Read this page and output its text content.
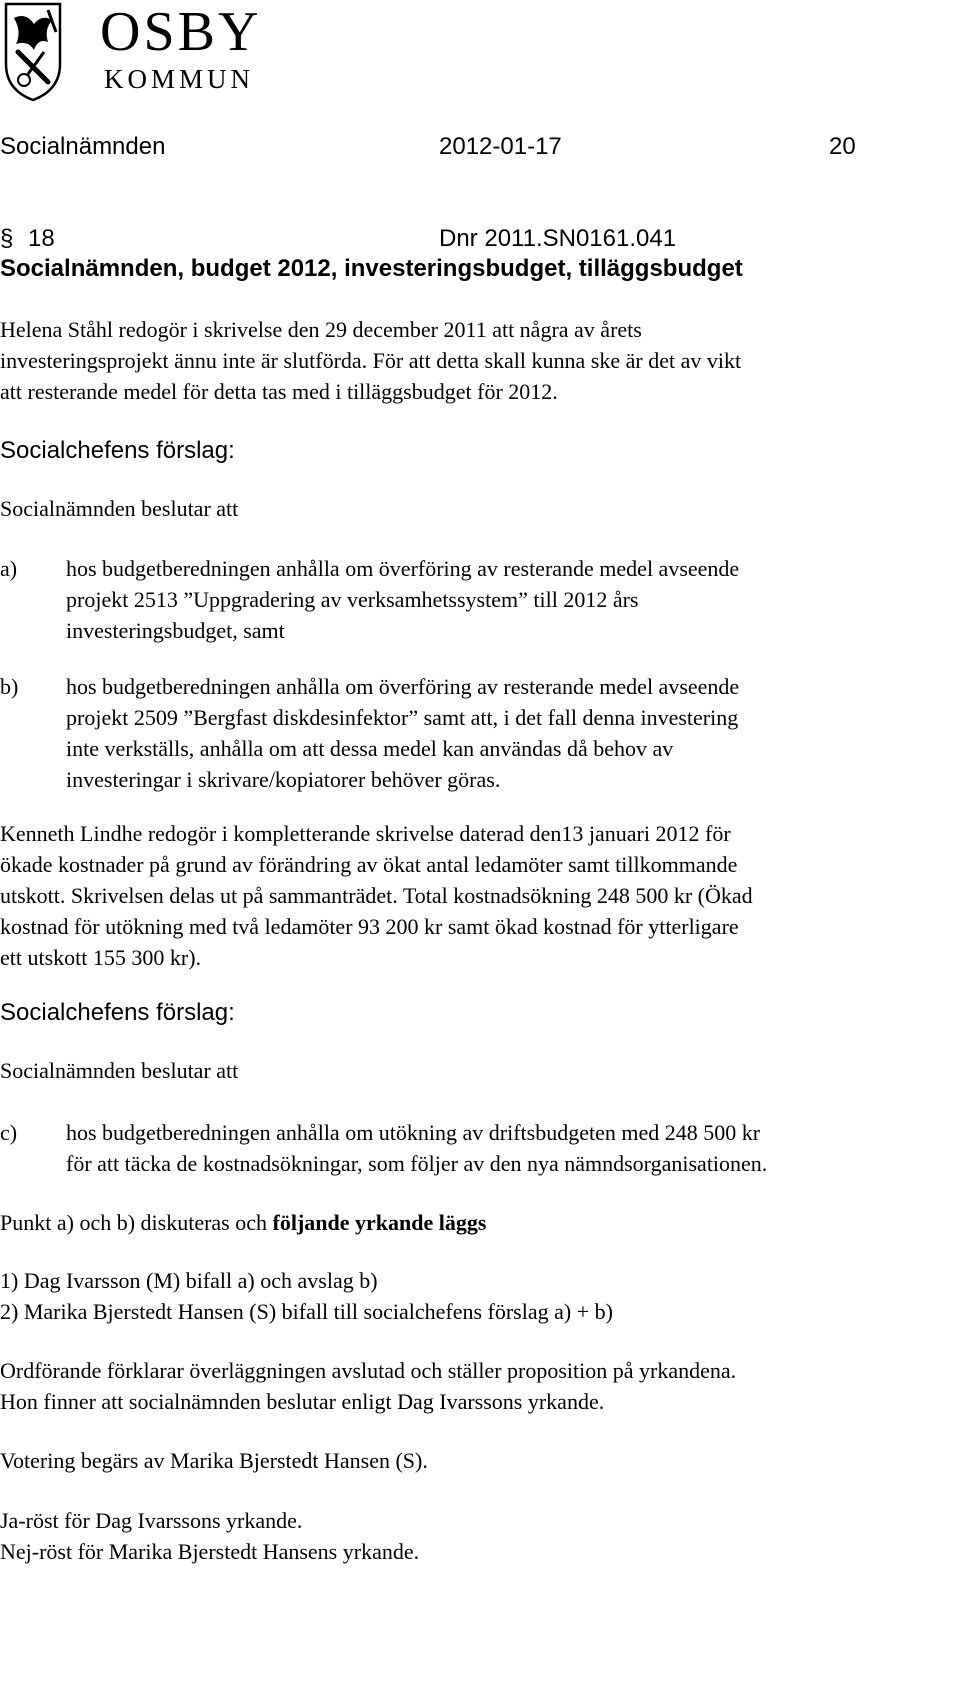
OSBY
KOMMUN
Socialnämnden	2012-01-17	20
§ 18	Dnr 2011.SN0161.041
Socialnämnden, budget 2012, investeringsbudget, tilläggsbudget
Helena Ståhl redogör i skrivelse den 29 december 2011 att några av årets
investeringsprojekt ännu inte är slutförda. För att detta skall kunna ske är det av vikt
att resterande medel för detta tas med i tilläggsbudget för 2012.
Socialchefens förslag:
Socialnämnden beslutar att
a) hos budgetberedningen anhålla om överföring av resterande medel avseende
projekt 2513 ”Uppgradering av verksamhetssystem” till 2012 års
investeringsbudget, samt
b) hos budgetberedningen anhålla om överföring av resterande medel avseende
projekt 2509 ”Bergfast diskdesinfektor” samt att, i det fall denna investering
inte verkställs, anhålla om att dessa medel kan användas då behov av
investeringar i skrivare/kopiatorer behöver göras.
Kenneth Lindhe redogör i kompletterande skrivelse daterad den13 januari 2012 för
ökade kostnader på grund av förändring av ökat antal ledamöter samt tillkommande
utskott. Skrivelsen delas ut på sammanträdet. Total kostnadsökning 248 500 kr (Ökad
kostnad för utökning med två ledamöter 93 200 kr samt ökad kostnad för ytterligare
ett utskott 155 300 kr).
Socialchefens förslag:
Socialnämnden beslutar att
c) hos budgetberedningen anhålla om utökning av driftsbudgeten med 248 500 kr
för att täcka de kostnadsökningar, som följer av den nya nämndsorganisationen.
Punkt a) och b) diskuteras och följande yrkande läggs
1) Dag Ivarsson (M) bifall a) och avslag b)
2) Marika Bjerstedt Hansen (S) bifall till socialchefens förslag a) + b)
Ordförande förklarar överläggningen avslutad och ställer proposition på yrkandena.
Hon finner att socialnämnden beslutar enligt Dag Ivarssons yrkande.
Votering begärs av Marika Bjerstedt Hansen (S).
Ja-röst för Dag Ivarssons yrkande.
Nej-röst för Marika Bjerstedt Hansens yrkande.
